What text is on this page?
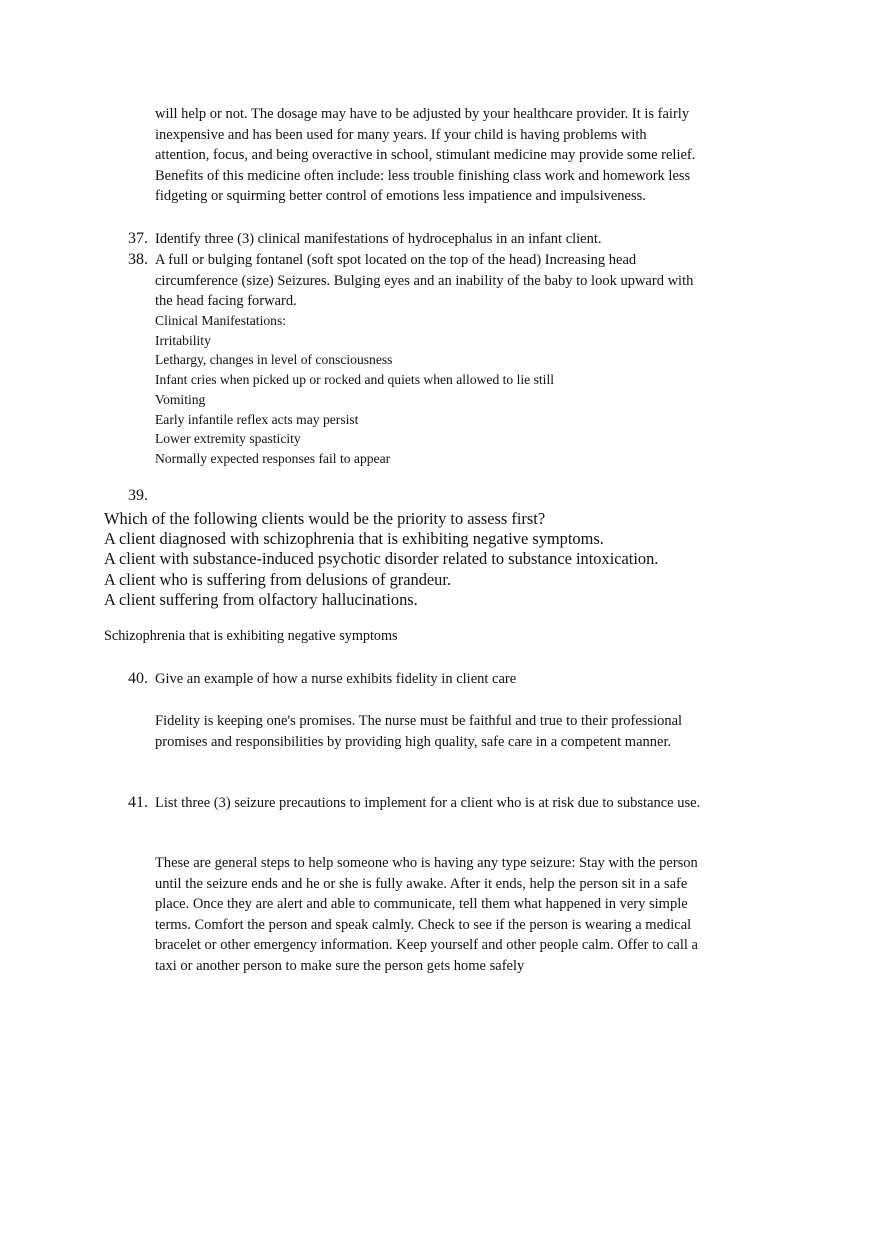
will help or not. The dosage may have to be adjusted by your healthcare provider. It is fairly inexpensive and has been used for many years. If your child is having problems with attention, focus, and being overactive in school, stimulant medicine may provide some relief. Benefits of this medicine often include: less trouble finishing class work and homework less fidgeting or squirming better control of emotions less impatience and impulsiveness.
37. Identify three (3) clinical manifestations of hydrocephalus in an infant client.
38. A full or bulging fontanel (soft spot located on the top of the head) Increasing head circumference (size) Seizures. Bulging eyes and an inability of the baby to look upward with the head facing forward.
Clinical Manifestations:
Irritability
Lethargy, changes in level of consciousness
Infant cries when picked up or rocked and quiets when allowed to lie still
Vomiting
Early infantile reflex acts may persist
Lower extremity spasticity
Normally expected responses fail to appear
39.
Which of the following clients would be the priority to assess first?
A client diagnosed with schizophrenia that is exhibiting negative symptoms.
A client with substance-induced psychotic disorder related to substance intoxication.
A client who is suffering from delusions of grandeur.
A client suffering from olfactory hallucinations.
Schizophrenia that is exhibiting negative symptoms
40. Give an example of how a nurse exhibits fidelity in client care
Fidelity is keeping one's promises. The nurse must be faithful and true to their professional promises and responsibilities by providing high quality, safe care in a competent manner.
41. List three (3) seizure precautions to implement for a client who is at risk due to substance use.
These are general steps to help someone who is having any type seizure: Stay with the person until the seizure ends and he or she is fully awake. After it ends, help the person sit in a safe place. Once they are alert and able to communicate, tell them what happened in very simple terms. Comfort the person and speak calmly. Check to see if the person is wearing a medical bracelet or other emergency information. Keep yourself and other people calm. Offer to call a taxi or another person to make sure the person gets home safely
